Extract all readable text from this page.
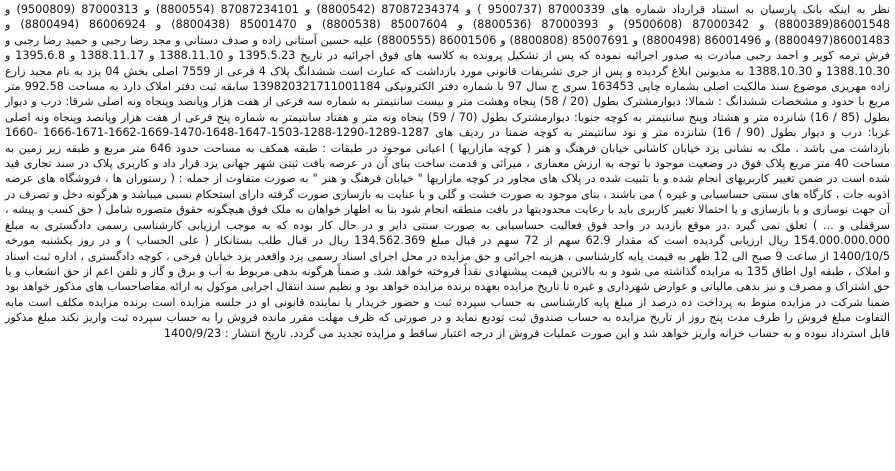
نظر به اینکه بانک پارسیان به استناد قرارداد شماره های 87000339 (9500737 ) و 87087234374 (8800542) و 87087234101 (8800554) و 87000313 (9500809) و 86001548(8800389) و 87000342 (9500608) و 87000393 (8800536) و 85007604 (8800538) و 85001470 (8800438) و 86006924 (8800494) و 86001483(8800497) و 86001496 (8800498) و 85007691 (8800808) و 86001506 (8800555) علیه حسین آستانی زاده و صدف دستانی و مجد رضا رجبی و حمید رضا رجبی و فرش ترمه کویر و احمد رجبی مبادرت به صدور اجرائیه نموده که پس از تشکیل پرونده به کلاسه های فوق اجرائیه در تاریخ 1395.5.23 و 1388.11.10 و 1388.11.17 و 1395.6.8 و 1388.10.30 و 1388.10.30 به مدیونین ابلاغ گردیده و پس از جری تشریفات قانونی مورد بازداشت که عبارت است ششدانگ پلاک 4 فرعی از 7559 اصلی بخش 04 یزد به نام مجید زارع زاده مهریزی موضوع سند مالکیت اصلی بشماره چاپی 163453 سری ج سال 97 با شماره دفتر الکترونیکی 139820321711001184 سابقه ثبت دفتر املاک دارد به مساحت 992.58 متر مربع با حدود و مشخصات ششدانگ : شمالا: دیوارمشترک بطول (20 / 58) پنجاه وهشت متر و بیست سانتیمتر به شماره سه فرعی از هفت هزار وپانصد وپنجاه ونه اصلی شرقا: درب و دیوار بطول (85 / 16) شانزده متر و هشتاد وپنج سانتیمتر به کوچه جنوبا: دیوارمشترک بطول (70 / 59) پنجاه ونه متر و هفتاد سانتیمتر به شماره پنج فرعی از هفت هزار وپانصد وپنجاه ونه اصلی غربا: درب و دیوار بطول (90 / 16) شانزده متر و نود سانتیمتر به کوچه ضمنا در ردیف های 1287-1289-1290-1288-1503-1647-1648-1470-1669-1662-1671-1666 -1660 بازداشت می باشد . ملک به نشانی یزد خیابان کاشانی خیابان فرهنگ و هنر ( کوچه مازاریها ) اعیانی موجود در طبقات : طبقه همکف به مساحت حدود 646 متر مربع و طبقه زیر زمین به مساحت 40 متر مربع پلاک فوق در وضعیت موجود با توجه به ارزش معماری ، میراثی و قدمت ساخت بنای آن در عرصه بافت ثبتی شهر جهانی یزد قرار داد و کاربری پلاک در سند تجاری قید شده است در ضمن تغییر کاربریهای انجام شده و با تثبیت شده در پلاک های مجاور در کوچه مازاریها " خیابان فرهنگ و هنر " به صورت متفاوت از جمله : ( رستوران ها ، فروشگاه های عرضه اذوبه جات ، کارگاه های سنتی حساسیابی و غیره ) می باشند ، بنای موجود به صورت خشت و گلی و با عنایت به بازسازی صورت گرفته دارای استحکام نسبی میباشد و هرگونه دخل و تصرف در آن جهت نوسازی و یا بازسازی و یا احتمالا تغییر کاربری باید با رعایت محدودیتها در بافت منطقه انجام شود بنا به اظهار خواهان به ملک فوق هیچگونه حقوق متصوره شامل ( حق کسب و پیشه ، سرقفلی و ... ) تعلق نمی گیرد .در موقع بازدید در واحد فوق فعالیت حساسیابی به صورت سنتی دایر و در حال کار بوده که به موجب ارزیابی کارشناسی رسمی دادگستری به مبلغ 154.000.000.000 ریال ارزیابی گردیده است که مقدار 62.9 سهم از 72 سهم در قبال مبلغ 134.562.369 ریال در قبال طلب بستانکار ( علی الحساب ) و در روز یکشنبه مورخه 1400/10/5 از ساعت 9 صبح الی 12 ظهر به قیمت پایه کارشناسی ، هزینه اجرائی و حق مزایده در محل اجرای اسناد رسمی یزد واقعدر یزد خیابان فرخی ، کوچه دادگستری ، اداره ثبت اسناد و املاک ، طبقه اول اطاق 135 به مزایده گذاشته می شود و به بالاترین قیمت پیشنهادی نقداً فروخته خواهد شد. و ضمناً هرگونه بدهی مربوط به آب و برق و گاز و تلفن اعم از حق انشعاب و یا حق اشتراک و مصرف و نیز بدهی مالیاتی و عوارض شهرداری و غیره تا تاریخ مزایده بعهده برنده مزایده خواهد بود و نظیم سند انتقال اجرایی موکول به ارائه مفاصاحساب های مذکور خواهد بود ضمنا شرکت در مزایده منوط به پرداخت ده درصد از مبلغ پایه کارشناسی به حساب سپرده ثبت و حضور خریدار یا نماینده قانونی او در جلسه مزایده است برنده مزایده مکلف است مابه التفاوت مبلغ فروش را ظرف مدت پنج روز از تاریخ مزایده به حساب صندوق ثبت تودیع نماید و در صورتی که ظرف مهلت مقرر مانده فروش را به حساب سپرده ثبت واریز نکند مبلغ مذکور قابل استرداد نبوده و به حساب خزانه واریز خواهد شد و این صورت عملیات فروش از درجه اعتبار ساقط و مزایده تجدید می گردد. تاریخ انتشار : 1400/9/23
